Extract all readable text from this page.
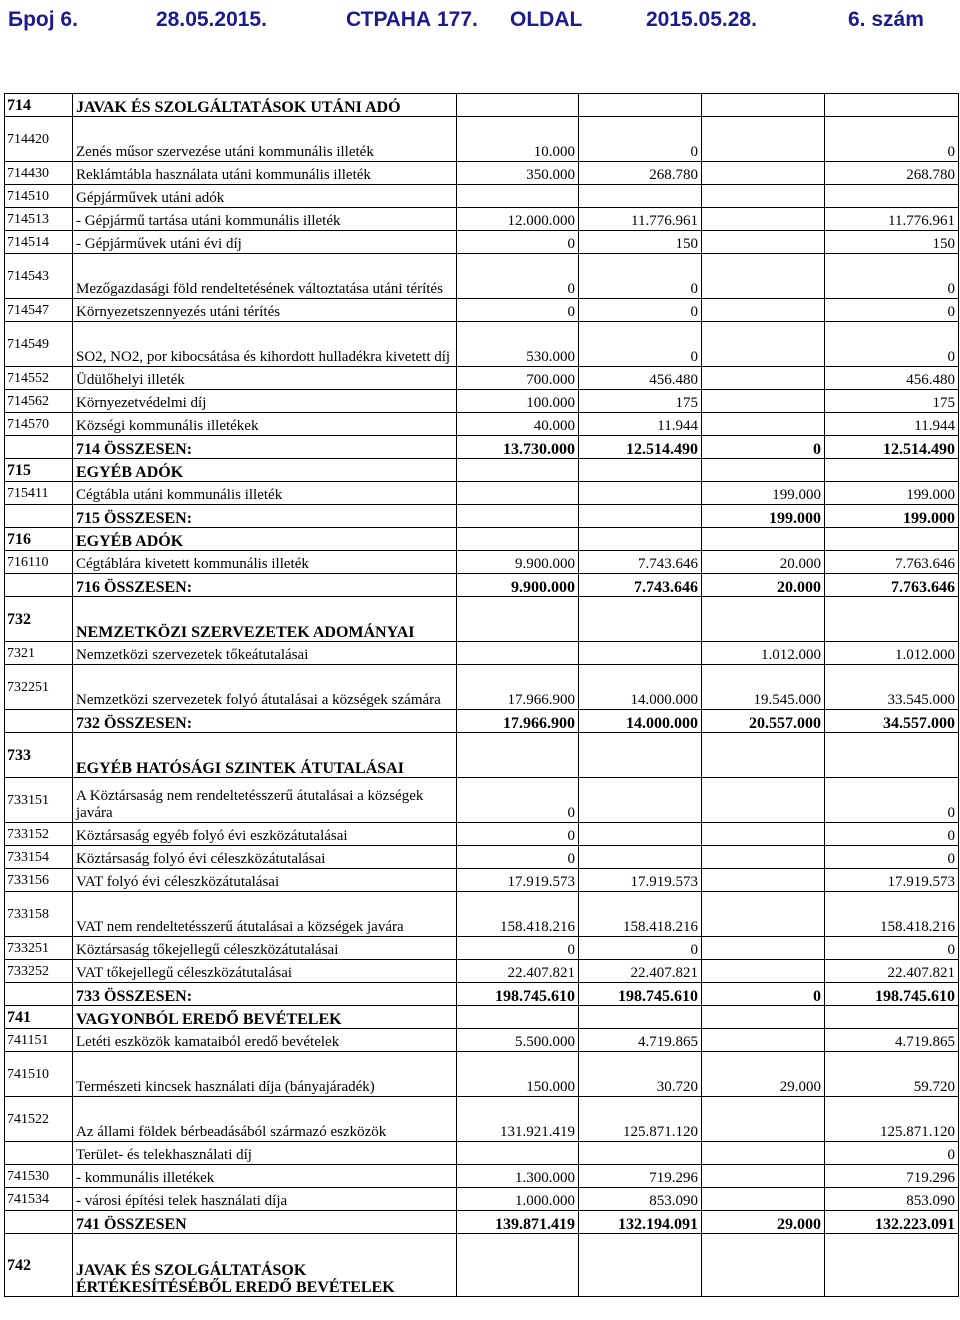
Број 6.	28.05.2015.	СТРАНА 177. OLDAL	2015.05.28.	6. szám
714	JAVAK ÉS SZOLGÁLTATÁSOK UTÁNI ADÓ				
714420	Zenés műsor szervezése utáni kommunális illeték	10.000	0		0
714430	Reklámtábla használata utáni kommunális illeték	350.000	268.780		268.780
714510	Gépjárművek utáni adók				
714513	- Gépjármű tartása utáni kommunális illeték	12.000.000	11.776.961		11.776.961
714514	- Gépjárművek utáni évi díj	0	150		150
714543	Mezőgazdasági föld rendeltetésének változtatása utáni térítés	0	0		0
714547	Környezetszennyezés utáni térítés	0	0		0
714549	SO2, NO2, por kibocsátása és kihordott hulladékra kivetett díj	530.000	0		0
714552	Üdülőhelyi illeték	700.000	456.480		456.480
714562	Környezetvédelmi díj	100.000	175		175
714570	Községi kommunális illetékek	40.000	11.944		11.944
	714 ÖSSZESEN:	13.730.000	12.514.490	0	12.514.490
715	EGYÉB ADÓK				
715411	Cégtábla utáni kommunális illeték			199.000	199.000
	715 ÖSSZESEN:			199.000	199.000
716	EGYÉB ADÓK				
716110	Cégtáblára kivetett kommunális illeték	9.900.000	7.743.646	20.000	7.763.646
	716 ÖSSZESEN:	9.900.000	7.743.646	20.000	7.763.646
732	NEMZETKÖZI SZERVEZETEK ADOMÁNYAI				
7321	Nemzetközi szervezetek tőkeátutalásai			1.012.000	1.012.000
732251	Nemzetközi szervezetek folyó átutalásai a községek számára	17.966.900	14.000.000	19.545.000	33.545.000
	732 ÖSSZESEN:	17.966.900	14.000.000	20.557.000	34.557.000
733	EGYÉB HATÓSÁGI SZINTEK ÁTUTALÁSAI				
733151	A Köztársaság nem rendeltetésszerű átutalásai a községek javára	0			0
733152	Köztársaság egyéb folyó évi eszközátutalásai	0			0
733154	Köztársaság folyó évi céleszközátutalásai	0			0
733156	VAT folyó évi céleszközátutalásai	17.919.573	17.919.573		17.919.573
733158	VAT nem rendeltetésszerű átutalásai a községek javára	158.418.216	158.418.216		158.418.216
733251	Köztársaság tőkejellegű céleszközátutalásai	0	0		0
733252	VAT tőkejellegű céleszközátutalásai	22.407.821	22.407.821		22.407.821
	733 ÖSSZESEN:	198.745.610	198.745.610	0	198.745.610
741	VAGYONBÓL EREDŐ BEVÉTELEK				
741151	Letéti eszközök kamataiból eredő bevételek	5.500.000	4.719.865		4.719.865
741510	Természeti kincsek használati díja (bányajáradék)	150.000	30.720	29.000	59.720
741522	Az állami földek bérbeadásából származó eszközök	131.921.419	125.871.120		125.871.120
	Terület- és telekhasználati díj				0
741530	- kommunális illetékek	1.300.000	719.296		719.296
741534	- városi építési telek használati díja	1.000.000	853.090		853.090
	741 ÖSSZESEN	139.871.419	132.194.091	29.000	132.223.091
742	JAVAK ÉS SZOLGÁLTATÁSOK ÉRTÉKESÍTÉSÉBŐL EREDŐ BEVÉTELEK				
